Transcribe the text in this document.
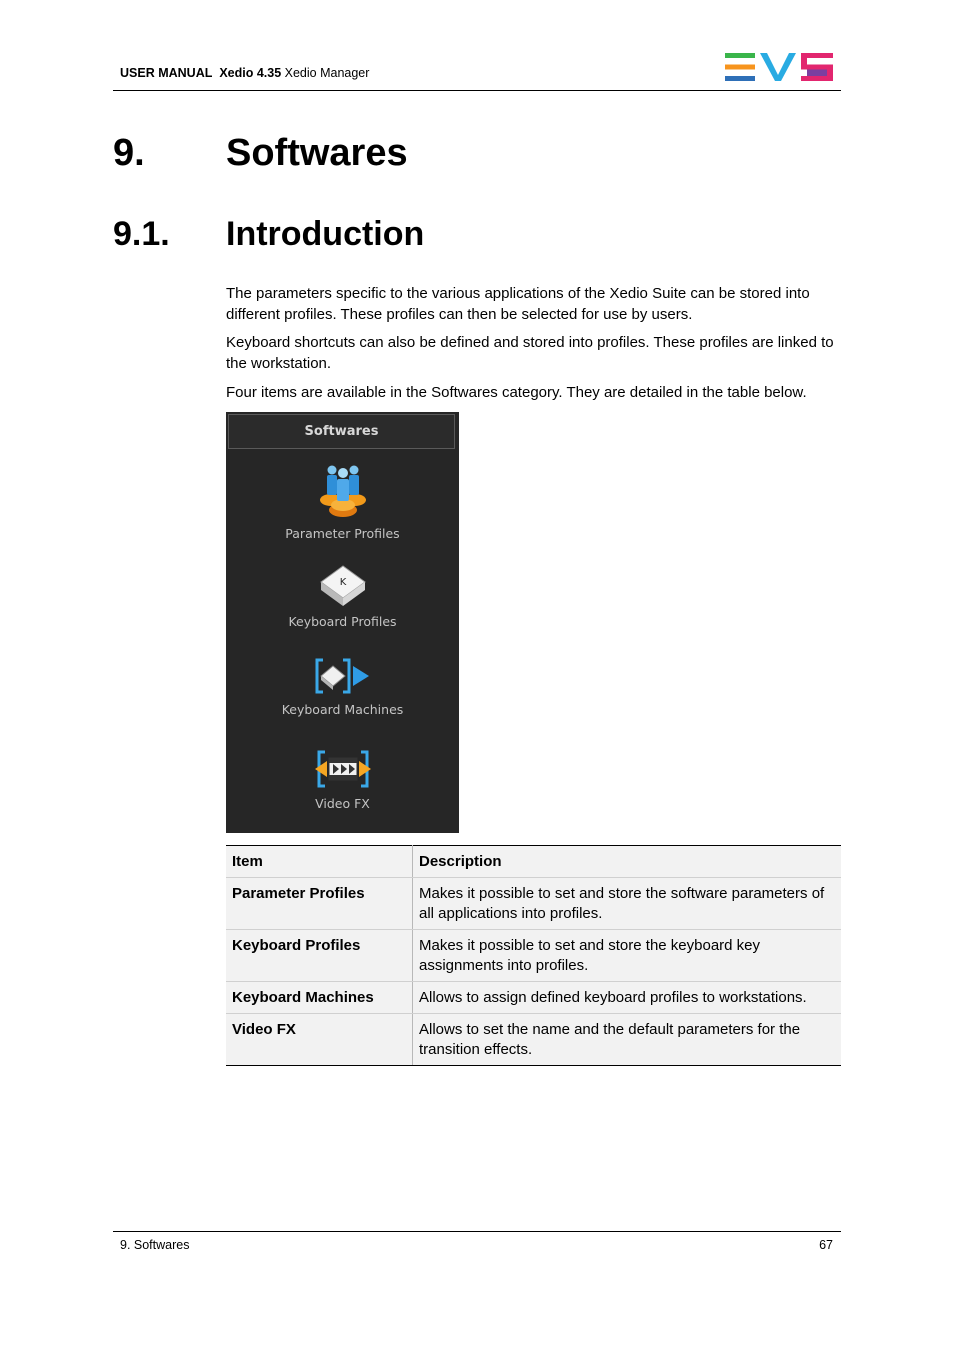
USER MANUAL Xedio 4.35 Xedio Manager
9. Softwares
9.1. Introduction

The parameters specific to the various applications of the Xedio Suite can be stored into different profiles. These profiles can then be selected for use by users.

Keyboard shortcuts can also be defined and stored into profiles. These profiles are linked to the workstation.

Four items are available in the Softwares category. They are detailed in the table below.

Softwares
Parameter Profiles
K
Keyboard Profiles
Keyboard Machines
Video FX
Item	Description
Parameter Profiles	Makes it possible to set and store the software parameters of all applications into profiles.
Keyboard Profiles	Makes it possible to set and store the keyboard key assignments into profiles.
Keyboard Machines	Allows to assign defined keyboard profiles to workstations.
Video FX	Allows to set the name and the default parameters for the transition effects.
9. Softwares	67
